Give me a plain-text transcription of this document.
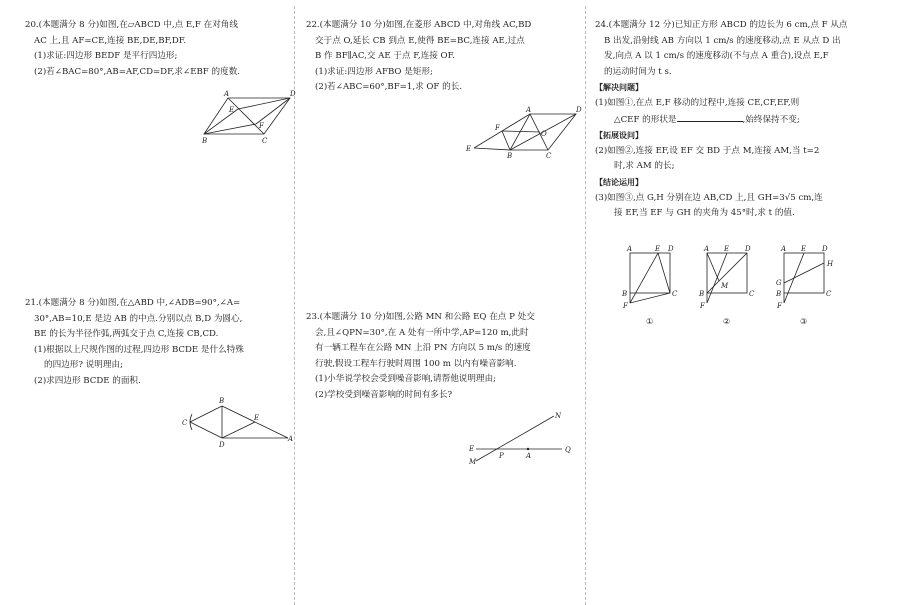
20.(本题满分 8 分)如图,在▱ABCD 中,点 E,F 在对角线

AC 上,且 AF=CE,连接 BE,DE,BF,DF.

(1)求证:四边形 BEDF 是平行四边形;

(2)若∠BAC=80°,AB=AF,CD=DF,求∠EBF 的度数.

21.(本题满分 8 分)如图,在△ABD 中,∠ADB=90°,∠A=

30°,AB=10,E 是边 AB 的中点.分别以点 B,D 为圆心,

BE 的长为半径作弧,两弧交于点 C,连接 CB,CD.

(1)根据以上尺规作图的过程,四边形 BCDE 是什么特殊

的四边形? 说明理由;

(2)求四边形 BCDE 的面积.

A	D
E
F
B	C
B
E
C
D
A

22.(本题满分 10 分)如图,在菱形 ABCD 中,对角线 AC,BD

交于点 O,延长 CB 到点 E,使得 BE=BC,连接 AE,过点

B 作 BF∥AC,交 AE 于点 F,连接 OF.

(1)求证:四边形 AFBO 是矩形;

(2)若∠ABC=60°,BF=1,求 OF 的长.

23.(本题满分 10 分)如图,公路 MN 和公路 EQ 在点 P 处交

会,且∠QPN=30°,在 A 处有一所中学,AP=120 m,此时

有一辆工程车在公路 MN 上沿 PN 方向以 5 m/s 的速度

行驶,假设工程车行驶时周围 100 m 以内有噪音影响.

(1)小华说学校会受到噪音影响,请帮他说明理由;

(2)学校受到噪音影响的时间有多长?

A	D
F
O
E
B	C
N
E
M
P	A
Q

24.(本题满分 12 分)已知正方形 ABCD 的边长为 6 cm,点 F 从点

B 出发,沿射线 AB 方向以 1 cm/s 的速度移动,点 E 从点 D 出

发,向点 A 以 1 cm/s 的速度移动(不与点 A 重合),设点 E,F

的运动时间为 t s.

【解决问题】

(1)如图①,在点 E,F 移动的过程中,连接 CE,CF,EF,则

△CEF 的形状是	,始终保持不变;

【拓展设问】

(2)如图②,连接 EF,设 EF 交 BD 于点 M,连接 AM,当 t=2

时,求 AM 的长;

【结论运用】

(3)如图③,点 G,H 分别在边 AB,CD 上,且 GH=3√5 cm,连

接 EF,当 EF 与 GH 的夹角为 45°时,求 t 的值.

A	E D
B	C
F
①
A E D
M
B	C
F
②
A E D
H
G
B	C
F
③
